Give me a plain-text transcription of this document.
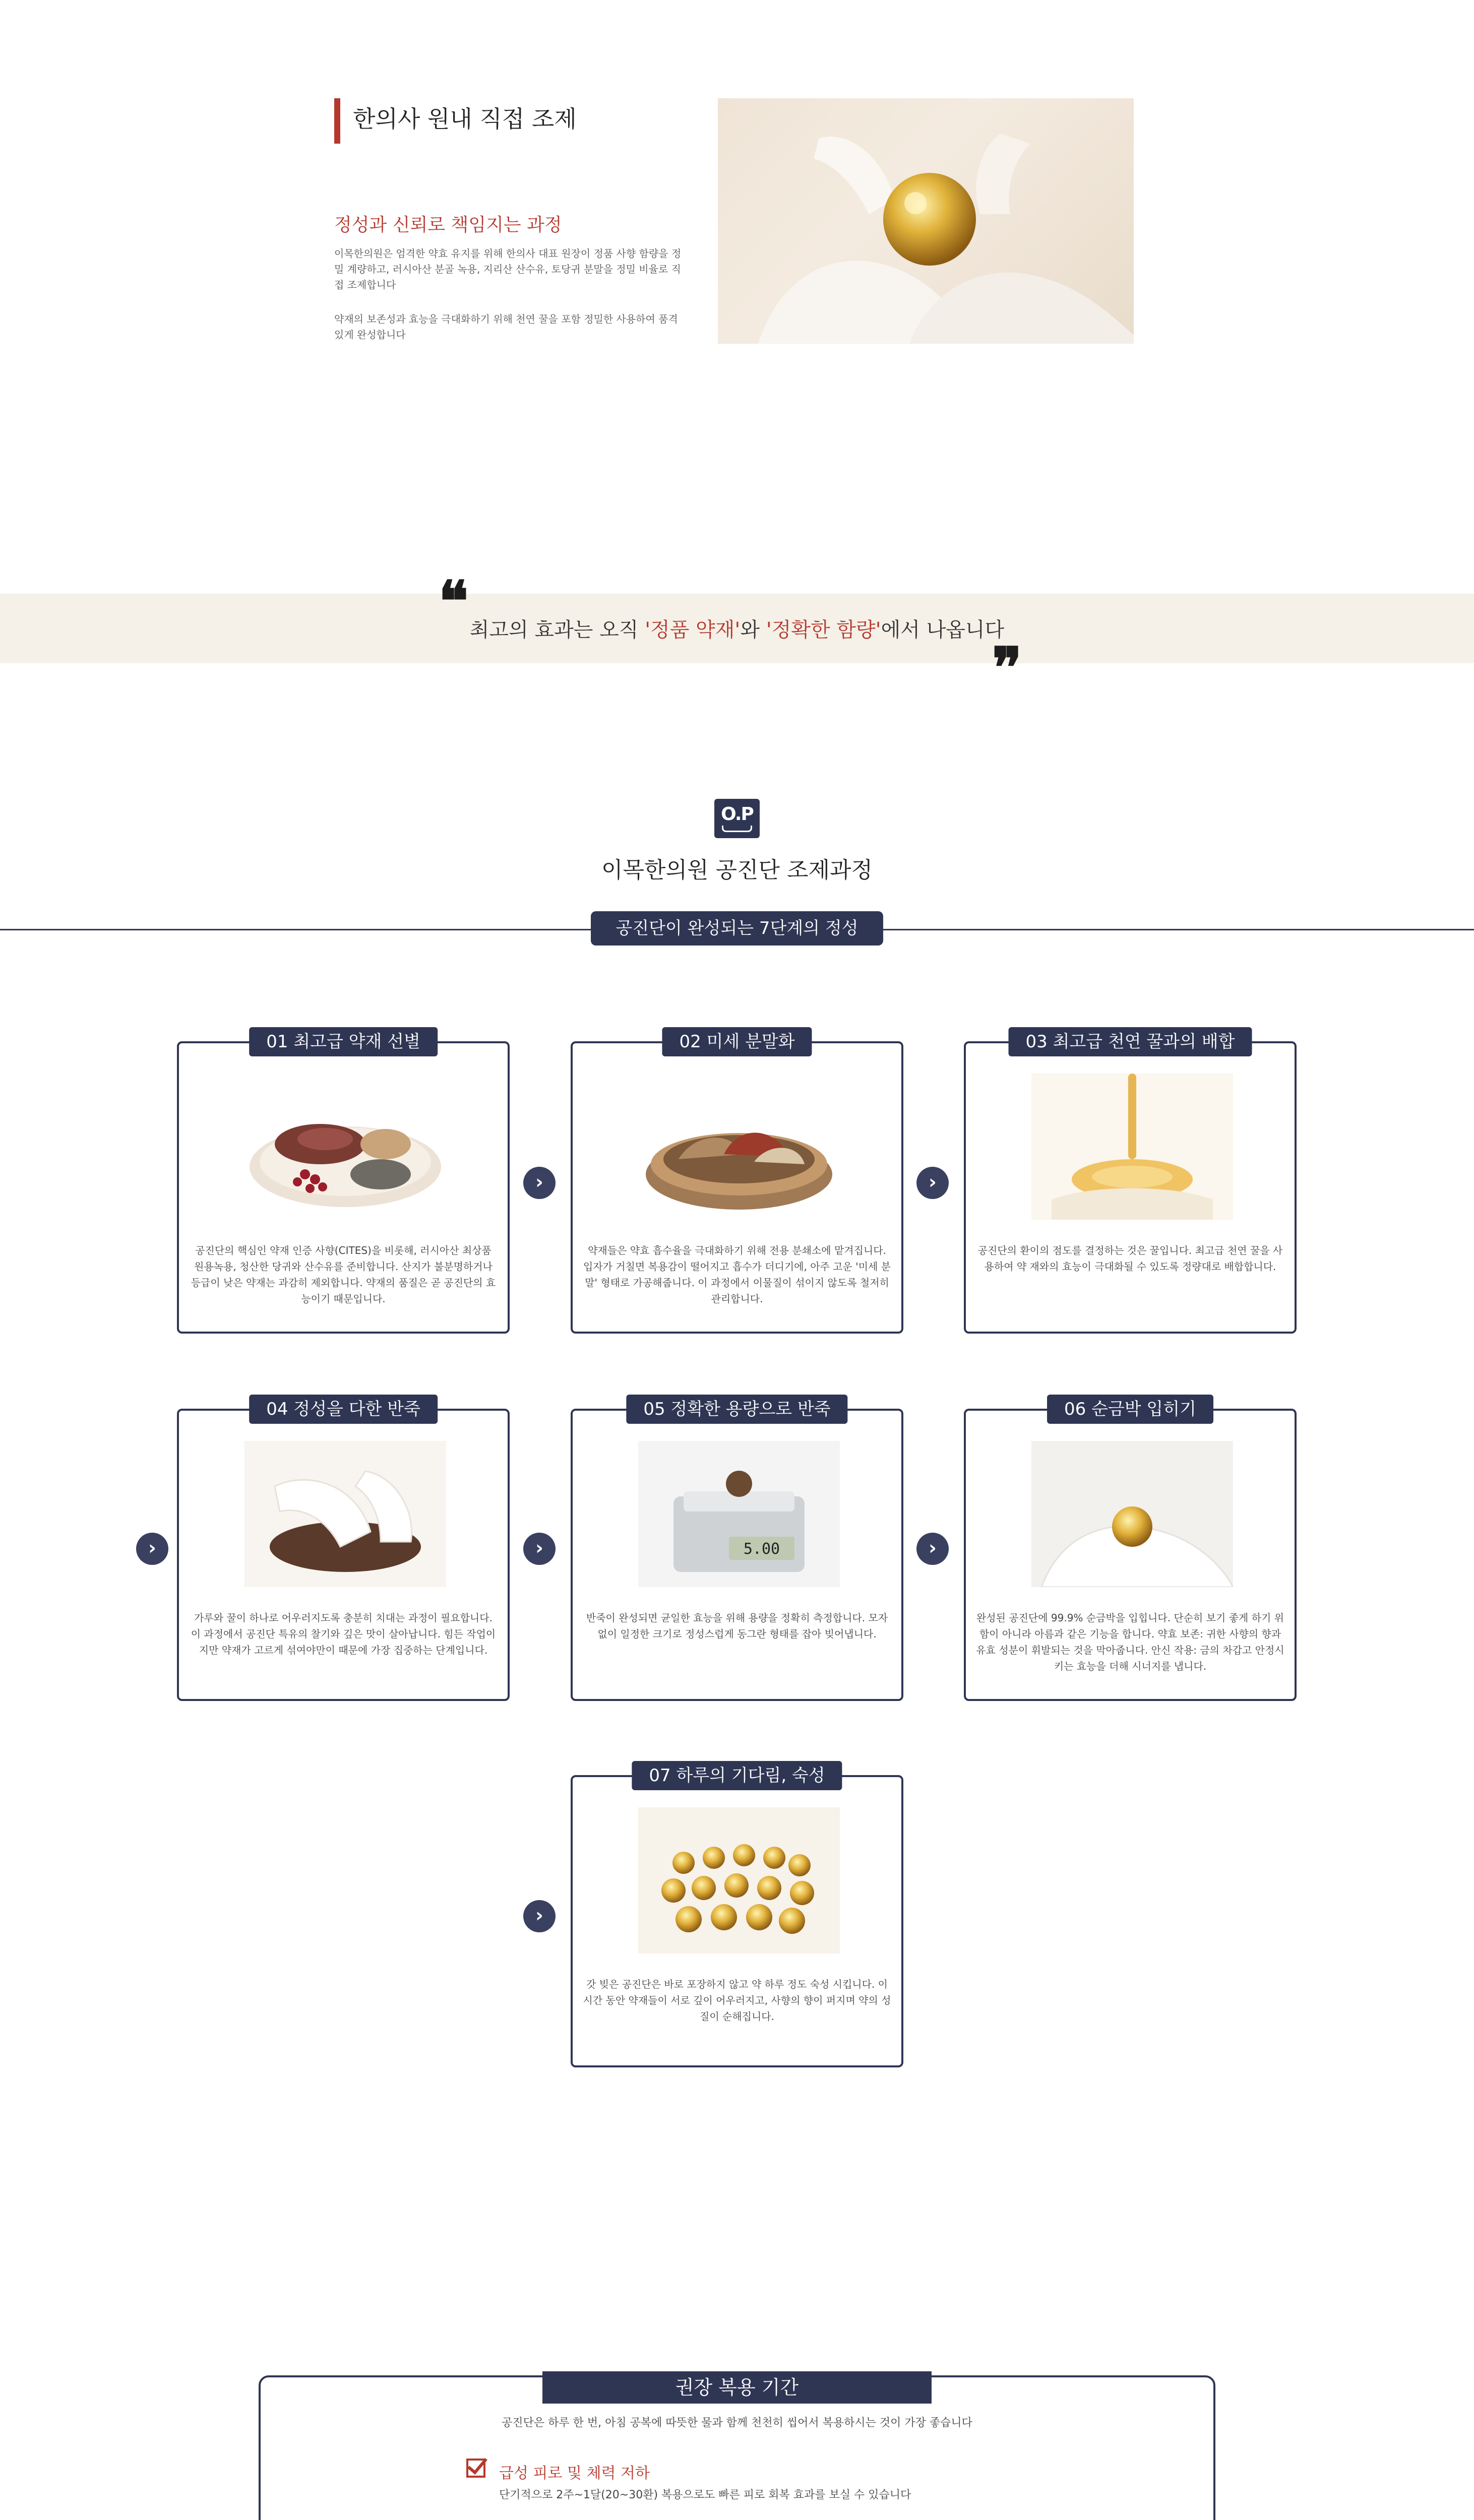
한의사 원내 직접 조제
정성과 신뢰로 책임지는 과정
이목한의원은 엄격한 약효 유지를 위해 한의사 대표 원장이 정품 사향 함량을 정밀 계량하고, 러시아산 분골 녹용, 지리산 산수유, 토당귀 분말을 정밀 비율로 직접 조제합니다
약재의 보존성과 효능을 극대화하기 위해 천연 꿀을 포함 정밀한 사용하여 품격 있게 완성합니다
❝
❞
최고의 효과는 오직 '정품 약재'와 '정확한 함량'에서 나옵니다
O.P
이목한의원 공진단 조제과정
공진단이 완성되는 7단계의 정성
01 최고급 약재 선별
공진단의 핵심인 약재 인증 사향(CITES)을 비롯해, 러시아산 최상품 원용녹용, 청산한 당귀와 산수유를 준비합니다. 산지가 불분명하거나 등급이 낮은 약재는 과감히 제외합니다. 약재의 품질은 곧 공진단의 효능이기 때문입니다.
›
02 미세 분말화
약재들은 약효 흡수율을 극대화하기 위해 전용 분쇄소에 맡겨집니다. 입자가 거칠면 복용감이 떨어지고 흡수가 더디기에, 아주 고운 '미세 분말' 형태로 가공해줍니다. 이 과정에서 이물질이 섞이지 않도록 철저히 관리합니다.
›
03 최고급 천연 꿀과의 배합
공진단의 환이의 점도를 결정하는 것은 꿀입니다. 최고급 천연 꿀을 사용하여 약 재와의 효능이 극대화될 수 있도록 정량대로 배합합니다.
›
04 정성을 다한 반죽
가루와 꿀이 하나로 어우러지도록 충분히 치대는 과정이 필요합니다. 이 과정에서 공진단 특유의 찰기와 깊은 맛이 살아납니다. 힘든 작업이지만 약재가 고르게 섞여야만이 때문에 가장 집중하는 단계입니다.
›
05 정확한 용량으로 반죽
5.00
반죽이 완성되면 균일한 효능을 위해 용량을 정확히 측정합니다. 모자 없이 일정한 크기로 정성스럽게 동그란 형태를 잡아 빚어냅니다.
›
06 순금박 입히기
완성된 공진단에 99.9% 순금박을 입힙니다. 단순히 보기 좋게 하기 위함이 아니라 아름과 같은 기능을 합니다. 약효 보존: 귀한 사향의 향과 유효 성분이 휘발되는 것을 막아줍니다. 안신 작용: 금의 차갑고 안정시키는 효능을 더해 시너지를 냅니다.
›
07 하루의 기다림, 숙성
갓 빚은 공진단은 바로 포장하지 않고 약 하루 정도 숙성 시킵니다. 이 시간 동안 약재들이 서로 깊이 어우러지고, 사향의 향이 퍼지며 약의 성질이 순해집니다.
권장 복용 기간
공진단은 하루 한 번, 아침 공복에 따뜻한 물과 함께 천천히 씹어서 복용하시는 것이 가장 좋습니다
급성 피로 및 체력 저하
단기적으로 2주~1달(20~30환) 복용으로도 빠른 피로 회복 효과를 보실 수 있습니다
